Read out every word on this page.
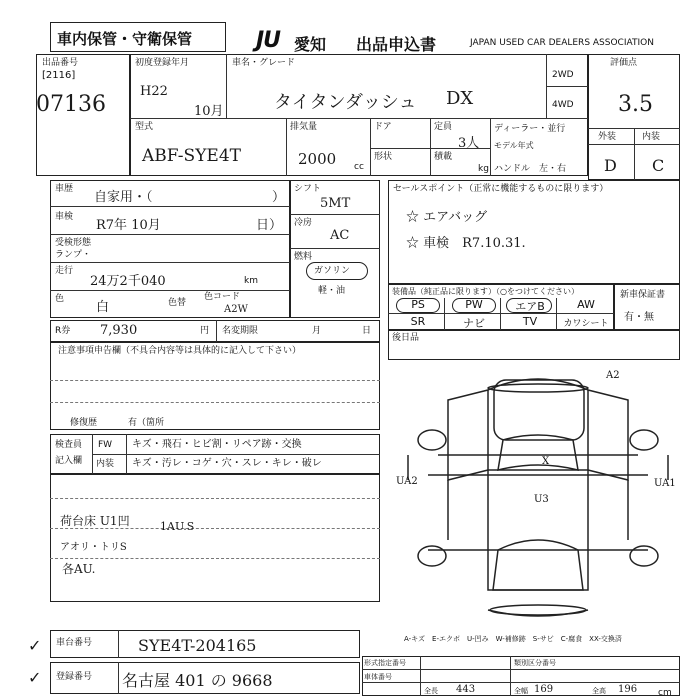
車内保管・守衛保管	JU 愛知 出品申込書	JAPAN USED CAR DEALERS ASSOCIATION
出品番号
[2116]
07136
初度登録年月
H22
10月
車名・グレード
タイタンダッシュ DX
2WD
4WD
型式
ABF-SYE4T
排気量
2000 cc
ドア
形状
定員
3人
積載
kg
ディーラー・並行
モデル年式
ハンドル　左・右
評価点
3.5
外装	内装
D C
車歴
自家用・（	）
車検
R7年 10月	日）
受検形態
ランプ・
走行
24万2千040	km
色
白	色替
色コード
A2W
R券 7,930	円 名変期限	月	日
シフト
5MT
冷房
AC
燃料
ガソリン
軽・油
セールスポイント（正常に機能するものに限ります）
☆ エアバッグ
☆ 車検　R7.10.31.
装備品（純正品に限ります）（○をつけてください）
PS	PW	エアB	AW
SR	ナビ	TV	カワシート
新車保証書
有・無
後日品
注意事項申告欄（不具合内容等は具体的に記入して下さい）
修復歴	有（箇所
検査員
記入欄
FW キズ・飛石・ヒビ割・リペア跡・交換
内装 キズ・汚レ・コゲ・穴・スレ・キレ・破レ
荷台床 U1凹	1AU.S
アオリ・トリS
各AU.
A2
UA2	UA1
X
U3
A-キズ　E-エクボ　U-凹み　W-補修跡　S-サビ　C-腐食　XX-交換済
形式指定番号	類別区分番号
車体番号
全長 443	全幅 169	全高 196 cm
車台番号	SYE4T-204165
登録番号 名古屋 401 の 9668
✓
✓
